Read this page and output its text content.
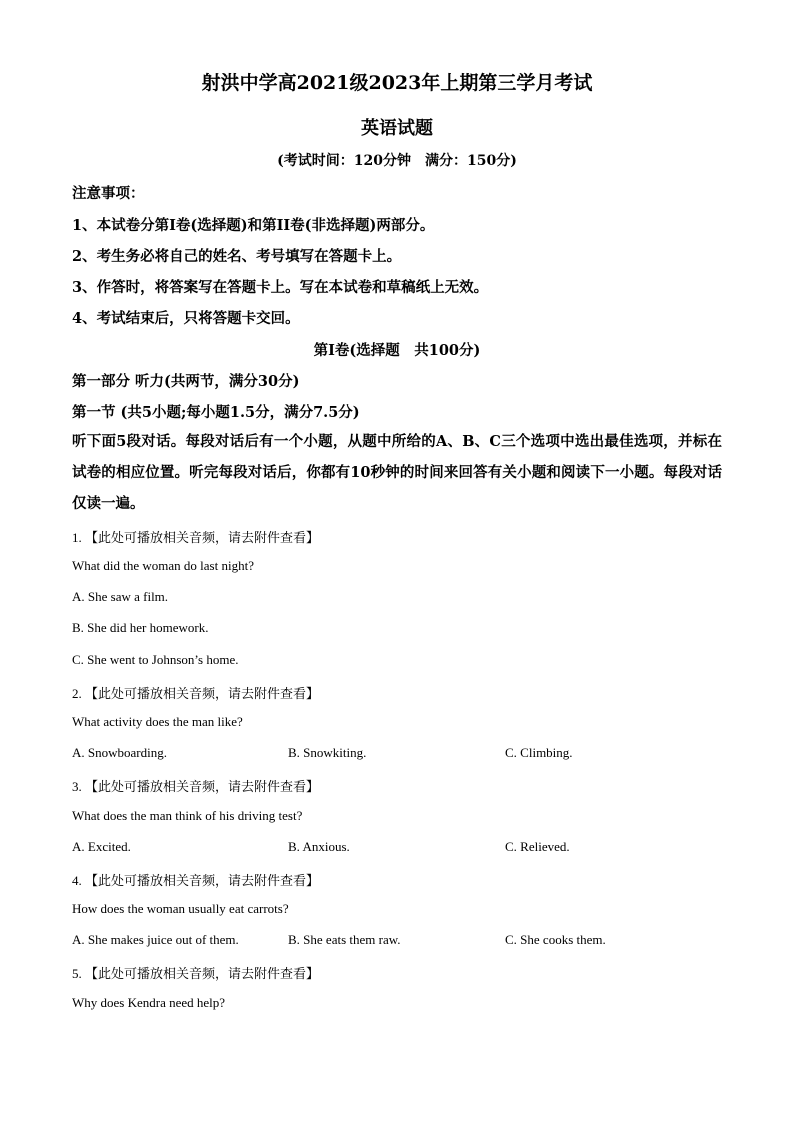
射洪中学高2021级2023年上期第三学月考试
英语试题
(考试时间：120分钟　满分：150分)
注意事项：
1、本试卷分第I卷(选择题)和第II卷(非选择题)两部分。
2、考生务必将自己的姓名、考号填写在答题卡上。
3、作答时，将答案写在答题卡上。写在本试卷和草稿纸上无效。
4、考试结束后，只将答题卡交回。
第I卷(选择题　共100分)
第一部分 听力(共两节，满分30分)
第一节 (共5小题;每小题1.5分，满分7.5分)
听下面5段对话。每段对话后有一个小题，从题中所给的A、B、C三个选项中选出最佳选项，并标在试卷的相应位置。听完每段对话后，你都有10秒钟的时间来回答有关小题和阅读下一小题。每段对话仅读一遍。
1. 【此处可播放相关音频，请去附件查看】
What did the woman do last night?
A. She saw a film.
B. She did her homework.
C. She went to Johnson’s home.
2. 【此处可播放相关音频，请去附件查看】
What activity does the man like?
A. Snowboarding.	B. Snowkiting.	C. Climbing.
3. 【此处可播放相关音频，请去附件查看】
What does the man think of his driving test?
A. Excited.	B. Anxious.	C. Relieved.
4. 【此处可播放相关音频，请去附件查看】
How does the woman usually eat carrots?
A. She makes juice out of them.	B. She eats them raw.	C. She cooks them.
5. 【此处可播放相关音频，请去附件查看】
Why does Kendra need help?
